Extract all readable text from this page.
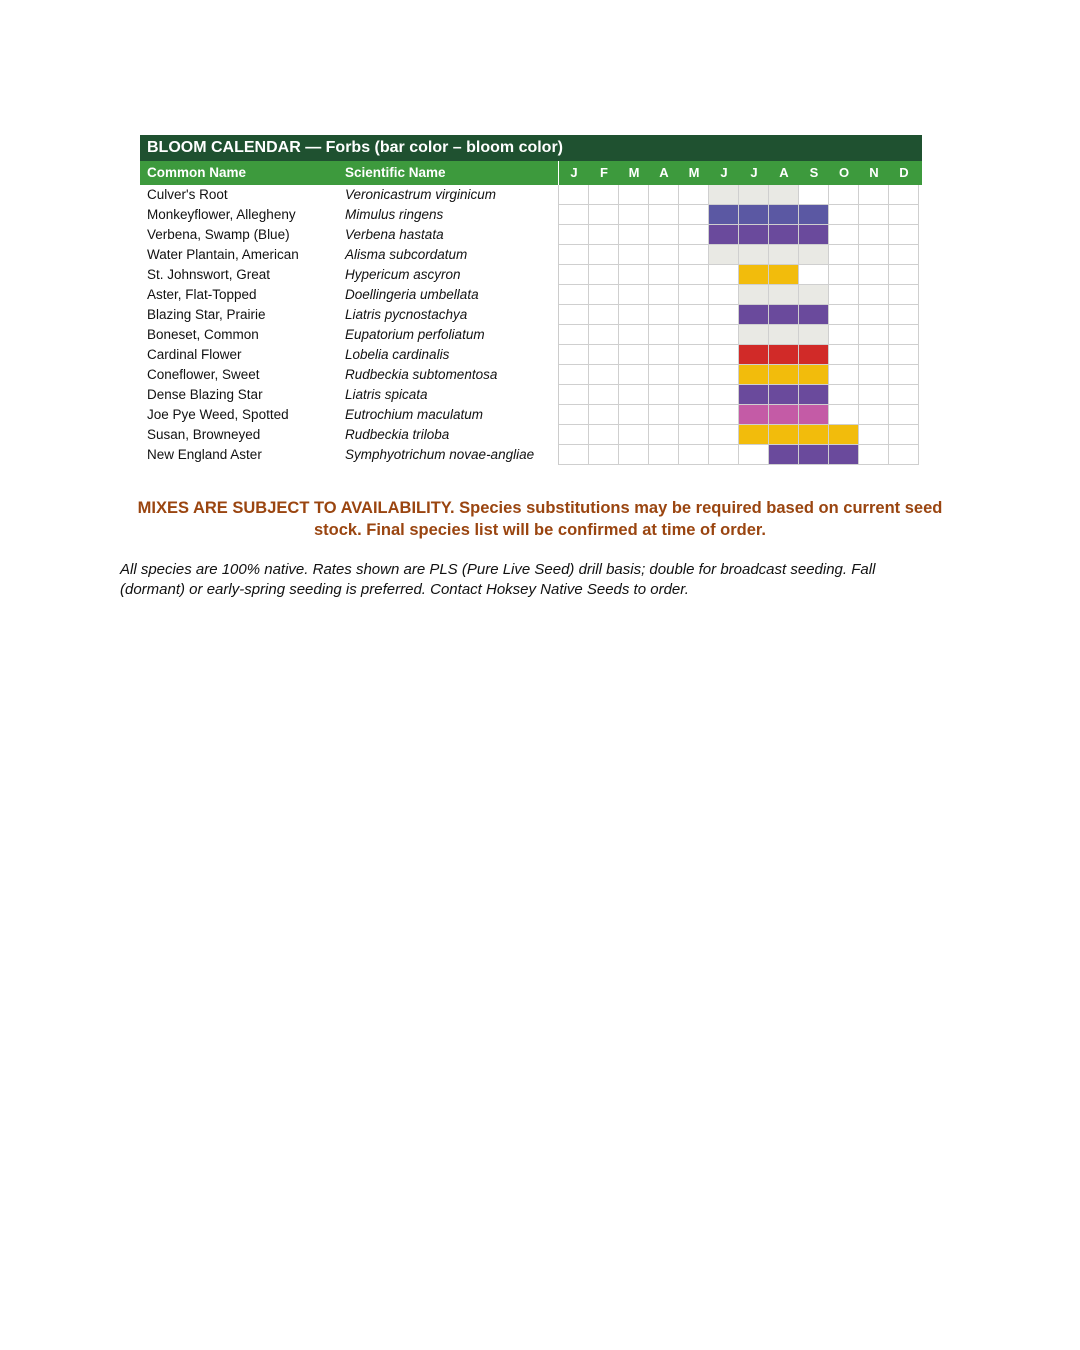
BLOOM CALENDAR — Forbs (bar color – bloom color)
Common Name	Scientific Name	J	F	M	A	M	J	J	A	S	O	N	D
Culver's Root	Veronicastrum virginicum
Monkeyflower, Allegheny	Mimulus ringens
Verbena, Swamp (Blue)	Verbena hastata
Water Plantain, American	Alisma subcordatum
St. Johnswort, Great	Hypericum ascyron
Aster, Flat-Topped	Doellingeria umbellata
Blazing Star, Prairie	Liatris pycnostachya
Boneset, Common	Eupatorium perfoliatum
Cardinal Flower	Lobelia cardinalis
Coneflower, Sweet	Rudbeckia subtomentosa
Dense Blazing Star	Liatris spicata
Joe Pye Weed, Spotted	Eutrochium maculatum
Susan, Browneyed	Rudbeckia triloba
New England Aster	Symphyotrichum novae-angliae
MIXES ARE SUBJECT TO AVAILABILITY. Species substitutions may be required based on current seed stock. Final species list will be confirmed at time of order.
All species are 100% native. Rates shown are PLS (Pure Live Seed) drill basis; double for broadcast seeding. Fall (dormant) or early-spring seeding is preferred. Contact Hoksey Native Seeds to order.
